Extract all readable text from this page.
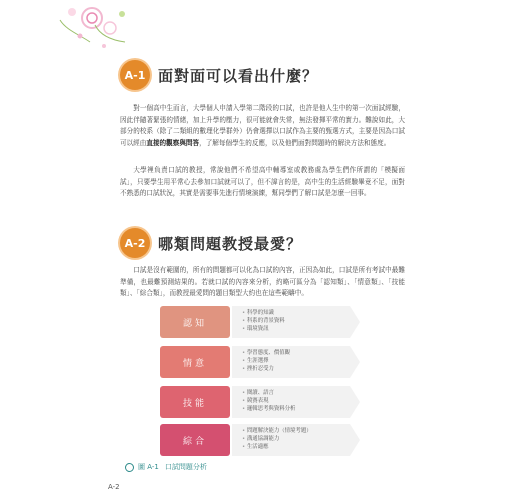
A-1 面對面可以看出什麼？
對一個高中生而言，大學個人申請入學第二階段的口試，也許是他人生中的第一次面試經驗，因此伴隨著緊張的情緒，加上升學的壓力，很可能就會失常，無法發揮平常的實力。難說如此，大部分的校系（除了二類組的數理化學群外）仍會選擇以口試作為主要的甄選方式，主要是因為口試可以經由直接的觀察與問答，了解每個學生的反應，以及他們面對問題時的解決方法和態度。
大學裡負責口試的教授，常說他們不希望高中輔導室或教務處為學生們作所謂的「模擬面試」，只要學生用平常心去參加口試就可以了，但不諱言的是，高中生的生活經驗畢竟不足，面對不熟悉的口試狀況，其實是需要事先進行情境演練，幫同學們了解口試是怎麼一回事。
A-2 哪類問題教授最愛？
口試是沒有範圍的，所有的問題都可以化為口試的內容，正因為如此，口試是所有考試中最難準備，也最難預測結果的。若就口試的內容來分析，約略可區分為「認知類」、「情意類」、「技能類」、「綜合類」，而教授最愛問的題目類型大約也在這些範疇中。
認知
• 科學的知識
• 科系的背景資料
• 環境資訊
情意
• 學習態度、價值觀
• 生涯選擇
• 挫折忍受力
技能
• 閱讀、語言
• 競賽表現
• 邏輯思考與資料分析
綜合
• 問題解決能力（情境考題）
• 溝通協調能力
• 生活適應
圖 A-1 口試問題分析
A-2
